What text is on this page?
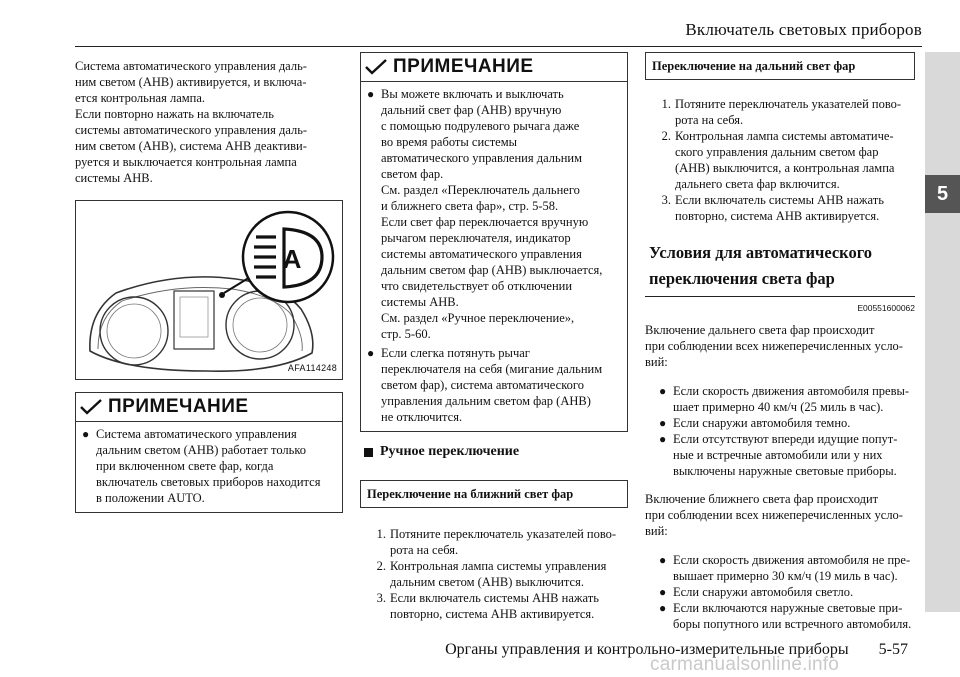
Включатель световых приборов
5

Система автоматического управления даль-

ним светом (АНВ) активируется, и включа-

ется контрольная лампа.

Если повторно нажать на включатель

системы автоматического управления даль-

ним светом (АНВ), система АНВ деактиви-

руется и выключается контрольная лампа

системы АНВ.

A
AFA114248
ПРИМЕЧАНИЕ
● Система автоматического управления

дальним светом (АНВ) работает только

при включенном свете фар, когда

включатель световых приборов находится

в положении AUTO.

ПРИМЕЧАНИЕ
● Вы можете включать и выключать

дальний свет фар (АНВ) вручную

с помощью подрулевого рычага даже

во время работы системы

автоматического управления дальним

светом фар.

См. раздел «Переключатель дальнего

и ближнего света фар», стр. 5-58.

Если свет фар переключается вручную

рычагом переключателя, индикатор

системы автоматического управления

дальним светом фар (АНВ) выключается,

что свидетельствует об отключении

системы АНВ.

См. раздел «Ручное переключение»,

стр. 5-60.

● Если слегка потянуть рычаг

переключателя на себя (мигание дальним

светом фар), система автоматического

управления дальним светом фар (АНВ)

не отключится.

Ручное переключение
Переключение на ближний свет фар
1. Потяните переключатель указателей пово-

рота на себя.

2. Контрольная лампа системы управления

дальним светом (АНВ) выключится.

3. Если включатель системы АНВ нажать

повторно, система АНВ активируется.

Переключение на дальний свет фар
1. Потяните переключатель указателей пово-

рота на себя.

2. Контрольная лампа системы автоматиче-

ского управления дальним светом фар

(АНВ) выключится, а контрольная лампа

дальнего света фар включится.

3. Если включатель системы АНВ нажать

повторно, система АНВ активируется.

Условия для автоматического
переключения света фар
E00551600062

Включение дальнего света фар происходит

при соблюдении всех нижеперечисленных усло-

вий:

● Если скорость движения автомобиля превы-

шает примерно 40 км/ч (25 миль в час).

● Если снаружи автомобиля темно.

● Если отсутствуют впереди идущие попут-

ные и встречные автомобили или у них

выключены наружные световые приборы.

Включение ближнего света фар происходит

при соблюдении всех нижеперечисленных усло-

вий:

● Если скорость движения автомобиля не пре-

вышает примерно 30 км/ч (19 миль в час).

● Если снаружи автомобиля светло.

● Если включаются наружные световые при-

боры попутного или встречного автомобиля.

Органы управления и контрольно-измерительные приборы 5-57
carmanualsonline.info
